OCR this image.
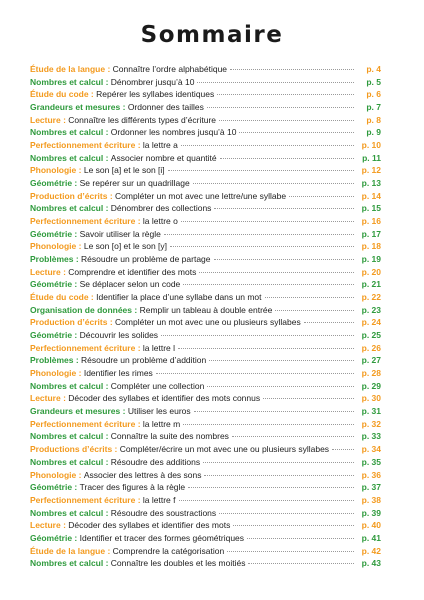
Sommaire
Étude de la langue :
Connaître l’ordre alphabétique	p. 4
Nombres et calcul :
Dénombrer jusqu’à 10	p. 5
Étude du code :
Repérer les syllabes identiques	p. 6
Grandeurs et mesures :
Ordonner des tailles	p. 7
Lecture :
Connaître les différents types d’écriture	p. 8
Nombres et calcul :
Ordonner les nombres jusqu’à 10	p. 9
Perfectionnement écriture :
la lettre a	p. 10
Nombres et calcul :
Associer nombre et quantité	p. 11
Phonologie :
Le son [a] et le son [i]	p. 12
Géométrie :
Se repérer sur un quadrillage	p. 13
Production d’écrits :
Compléter un mot avec une lettre/une syllabe	p. 14
Nombres et calcul :
Dénombrer des collections	p. 15
Perfectionnement écriture :
la lettre o	p. 16
Géométrie :
Savoir utiliser la règle	p. 17
Phonologie :
Le son [o] et le son [y]	p. 18
Problèmes :
Résoudre un problème de partage	p. 19
Lecture :
Comprendre et identifier des mots	p. 20
Géométrie :
Se déplacer selon un code	p. 21
Étude du code :
Identifier la place d’une syllabe dans un mot	p. 22
Organisation de données :
Remplir un tableau à double entrée	p. 23
Production d’écrits :
Compléter un mot avec une ou plusieurs syllabes	p. 24
Géométrie :
Découvrir les solides	p. 25
Perfectionnement écriture :
la lettre l	p. 26
Problèmes :
Résoudre un problème d’addition	p. 27
Phonologie :
Identifier les rimes	p. 28
Nombres et calcul :
Compléter une collection	p. 29
Lecture :
Décoder des syllabes et identifier des mots connus	p. 30
Grandeurs et mesures :
Utiliser les euros	p. 31
Perfectionnement écriture :
la lettre m	p. 32
Nombres et calcul :
Connaître la suite des nombres	p. 33
Productions d’écrits :
Compléter/écrire un mot avec une ou plusieurs syllabes	p. 34
Nombres et calcul :
Résoudre des additions	p. 35
Phonologie :
Associer des lettres à des sons	p. 36
Géométrie :
Tracer des figures à la règle	p. 37
Perfectionnement écriture :
la lettre f	p. 38
Nombres et calcul :
Résoudre des soustractions	p. 39
Lecture :
Décoder des syllabes et identifier des mots	p. 40
Géométrie :
Identifier et tracer des formes géométriques	p. 41
Étude de la langue :
Comprendre la catégorisation	p. 42
Nombres et calcul :
Connaître les doubles et les moitiés	p. 43
